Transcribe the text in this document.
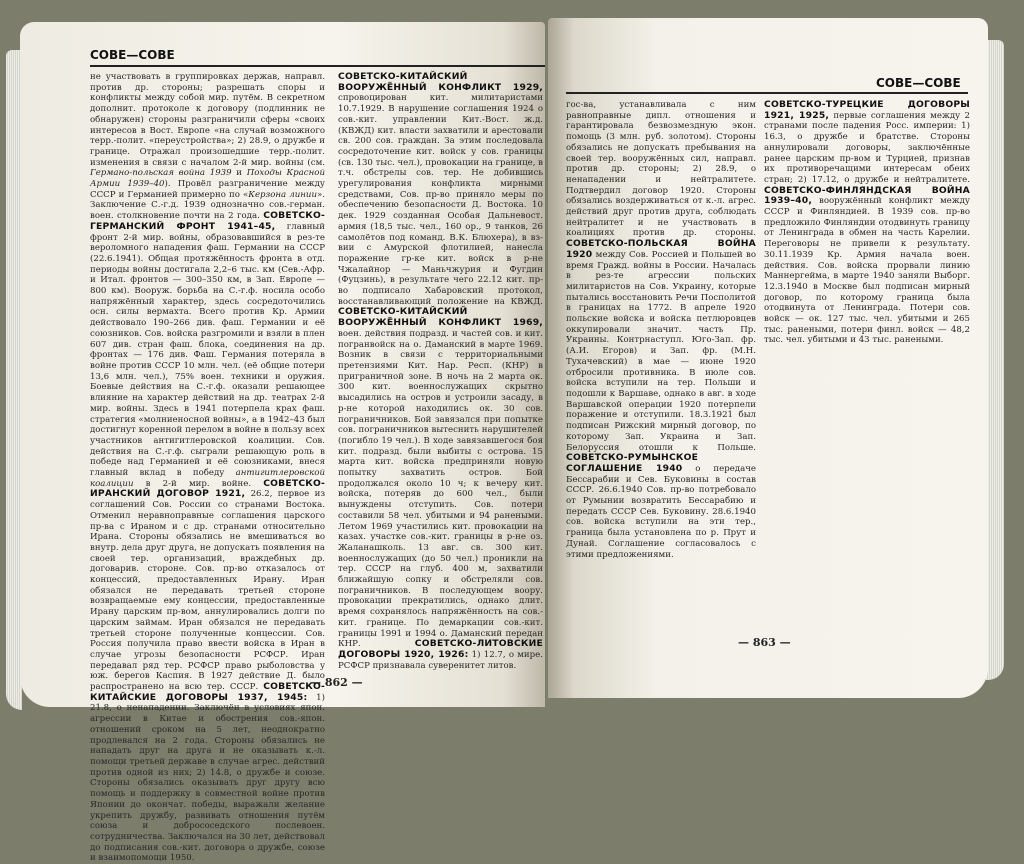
СОВЕ—СОВЕ

не участвовать в группировках держав, направл. против др. стороны; разрешать споры и конфликты между собой мир. путём. В секретном дополнит. протоколе к договору (подлинник не обнаружен) стороны разграничили сферы «своих интересов в Вост. Европе «на случай возможного терр.-полит. «переустройства»; 2) 28.9, о дружбе и границе. Отражал произошедшие терр.-полит. изменения в связи с началом 2-й мир. войны (см. Германо-польская война 1939 и Походы Красной Армии 1939–40). Провёл разграничение между СССР и Германией примерно по «Керзона линии». Заключение С.-г.д. 1939 однозначно сов.-герман. воен. столкновение почти на 2 года. СОВЕТСКО-ГЕРМАНСКИЙ ФРОНТ 1941–45, главный фронт 2-й мир. войны, образовавшийся в рез-те вероломного нападения фаш. Германии на СССР (22.6.1941). Общая протяжённость фронта в отд. периоды войны достигала 2,2–6 тыс. км (Сев.-Афр. и Итал. фронтов — 300–350 км, в Зап. Европе — 800 км). Вооруж. борьба на С.-г.ф. носила особо напряжённый характер, здесь сосредоточились осн. силы вермахта. Всего против Кр. Армии действовало 190–266 див. фаш. Германии и её союзников. Сов. войска разгромили и взяли в плен 607 див. стран фаш. блока, соединения на др. фронтах — 176 див. Фаш. Германия потеряла в войне против СССР 10 млн. чел. (её общие потери 13,6 млн. чел.), 75% воен. техники и оружия. Боевые действия на С.-г.ф. оказали решающее влияние на характер действий на др. театрах 2-й мир. войны. Здесь в 1941 потерпела крах фаш. стратегия «молниеносной войны», а в 1942–43 был достигнут коренной перелом в войне в пользу всех участников антигитлеровской коалиции. Сов. действия на С.-г.ф. сыграли решающую роль в победе над Германией и её союзниками, внеся главный вклад в победу антигитлеровской коалиции в 2-й мир. войне. СОВЕТСКО-ИРАНСКИЙ ДОГОВОР 1921, 26.2, первое из соглашений Сов. России со странами Востока. Отменил неравноправные соглашения царского пр-ва с Ираном и с др. странами относительно Ирана. Стороны обязались не вмешиваться во внутр. дела друг друга, не допускать появления на своей тер. организаций, враждебных др. договарив. стороне. Сов. пр-во отказалось от концессий, предоставленных Ирану. Иран обязался не передавать третьей стороне возвращаемые ему концессии, предоставленные Ирану царским пр-вом, аннулировались долги по царским займам. Иран обязался не передавать третьей стороне полученные концессии. Сов. Россия получила право ввести войска в Иран в случае угрозы безопасности РСФСР. Иран передавал ряд тер. РСФСР право рыболовства у юж. берегов Каспия. В 1927 действие Д. было распространено на всю тер. СССР. СОВЕТСКО-КИТАЙСКИЕ ДОГОВОРЫ 1937, 1945: 1) 21.8, о ненападении. Заключён в условиях япон. агрессии в Китае и обострения сов.-япон. отношений сроком на 5 лет, неоднократно продлевался на 2 года. Стороны обязались не нападать друг на друга и не оказывать к.-л. помощи третьей державе в случае агрес. действий против одной из них; 2) 14.8, о дружбе и союзе. Стороны обязались оказывать друг другу всю помощь и поддержку в совместной войне против Японии до окончат. победы, выражали желание укрепить дружбу, развивать отношения путём союза и добрососедского послевоен. сотрудничества. Заключался на 30 лет, действовал до подписания сов.-кит. договора о дружбе, союзе и взаимопомощи 1950.

СОВЕТСКО-КИТАЙСКИЙ ВООРУЖЁННЫЙ КОНФЛИКТ 1929, спровоцирован кит. милитаристами 10.7.1929. В нарушение соглашения 1924 о сов.-кит. управлении Кит.-Вост. ж.д. (КВЖД) кит. власти захватили и арестовали св. 200 сов. граждан. За этим последовала сосредоточение кит. войск у сов. границы (св. 130 тыс. чел.), провокации на границе, в т.ч. обстрелы сов. тер. Не добившись урегулирования конфликта мирными средствами, Сов. пр-во приняло меры по обеспечению безопасности Д. Востока. 10 дек. 1929 созданная Особая Дальневост. армия (18,5 тыс. чел., 160 ор., 9 танков, 26 самолётов под команд. В.К. Блюхера), в вз-вии с Амурской флотилией, нанесла поражение гр-ке кит. войск в р-не Чжалайнор — Маньчжурия и Фугдин (Фуцзинь), в результате чего 22.12 кит. пр-во подписало Хабаровский протокол, восстанавливающий положение на КВЖД. СОВЕТСКО-КИТАЙСКИЙ ВООРУЖЁННЫЙ КОНФЛИКТ 1969, воен. действия подразд. и частей сов. и кит. погранвойск на о. Даманский в марте 1969. Возник в связи с территориальными претензиями Кит. Нар. Респ. (КНР) в приграничной зоне. В ночь на 2 марта ок. 300 кит. военнослужащих скрытно высадились на остров и устроили засаду, в р-не которой находились ок. 30 сов. пограничников. Бой завязался при попытке сов. пограничников вытеснить нарушителей (погибло 19 чел.). В ходе завязавшегося боя кит. подразд. были выбиты с острова. 15 марта кит. войска предприняли новую попытку захватить остров. Бой продолжался около 10 ч; к вечеру кит. войска, потеряв до 600 чел., были вынуждены отступить. Сов. потери составили 58 чел. убитыми и 94 ранеными. Летом 1969 участились кит. провокации на казах. участке сов.-кит. границы в р-не оз. Жаланашколь. 13 авг. св. 300 кит. военнослужащих (до 50 чел.) проникли на тер. СССР на глуб. 400 м, захватили ближайшую сопку и обстреляли сов. пограничников. В последующем воору. провокации прекратились, однако длит. время сохранялось напряжённость на сов.-кит. границе. По демаркации сов.-кит. границы 1991 и 1994 о. Даманский передан КНР. СОВЕТСКО-ЛИТОВСКИЕ ДОГОВОРЫ 1920, 1926: 1) 12.7, о мире. РСФСР признавала суверенитет литов.

— 862 —
СОВЕ—СОВЕ

гос-ва, устанавливала с ним равноправные дипл. отношения и гарантировала безвозмездную экон. помощь (3 млн. руб. золотом). Стороны обязались не допускать пребывания на своей тер. вооружённых сил, направл. против др. стороны; 2) 28.9, о ненападении и нейтралитете. Подтвердил договор 1920. Стороны обязались воздерживаться от к.-л. агрес. действий друг против друга, соблюдать нейтралитет и не участвовать в коалициях против др. стороны. СОВЕТСКО-ПОЛЬСКАЯ ВОЙНА 1920 между Сов. Россией и Польшей во время Гражд. войны в России. Началась в рез-те агрессии польских милитаристов на Сов. Украину, которые пытались восстановить Речи Посполитой в границах на 1772. В апреле 1920 польские войска и войска петлюровцев оккупировали значит. часть Пр. Украины. Контрнаступл. Юго-Зап. фр. (А.И. Егоров) и Зап. фр. (М.Н. Тухачевский) в мае — июне 1920 отбросили противника. В июле сов. войска вступили на тер. Польши и подошли к Варшаве, однако в авг. в ходе Варшавской операции 1920 потерпели поражение и отступили. 18.3.1921 был подписан Рижский мирный договор, по которому Зап. Украина и Зап. Белоруссия отошли к Польше. СОВЕТСКО-РУМЫНСКОЕ СОГЛАШЕНИЕ 1940 о передаче Бессарабии и Сев. Буковины в состав СССР. 26.6.1940 Сов. пр-во потребовало от Румынии возвратить Бессарабию и передать СССР Сев. Буковину. 28.6.1940 сов. войска вступили на эти тер., граница была установлена по р. Прут и Дунай. Соглашение согласовалось с этими предложениями.

СОВЕТСКО-ТУРЕЦКИЕ ДОГОВОРЫ 1921, 1925, первые соглашения между 2 странами после падения Росс. империи: 1) 16.3, о дружбе и братстве. Стороны аннулировали договоры, заключённые ранее царским пр-вом и Турцией, признав их противоречащими интересам обеих стран; 2) 17.12, о дружбе и нейтралитете. СОВЕТСКО-ФИНЛЯНДСКАЯ ВОЙНА 1939–40, вооружённый конфликт между СССР и Финляндией. В 1939 сов. пр-во предложило Финляндии отодвинуть границу от Ленинграда в обмен на часть Карелии. Переговоры не привели к результату. 30.11.1939 Кр. Армия начала воен. действия. Сов. войска прорвали линию Маннергейма, в марте 1940 заняли Выборг. 12.3.1940 в Москве был подписан мирный договор, по которому граница была отодвинута от Ленинграда. Потери сов. войск — ок. 127 тыс. чел. убитыми и 265 тыс. ранеными, потери финл. войск — 48,2 тыс. чел. убитыми и 43 тыс. ранеными.

— 863 —
